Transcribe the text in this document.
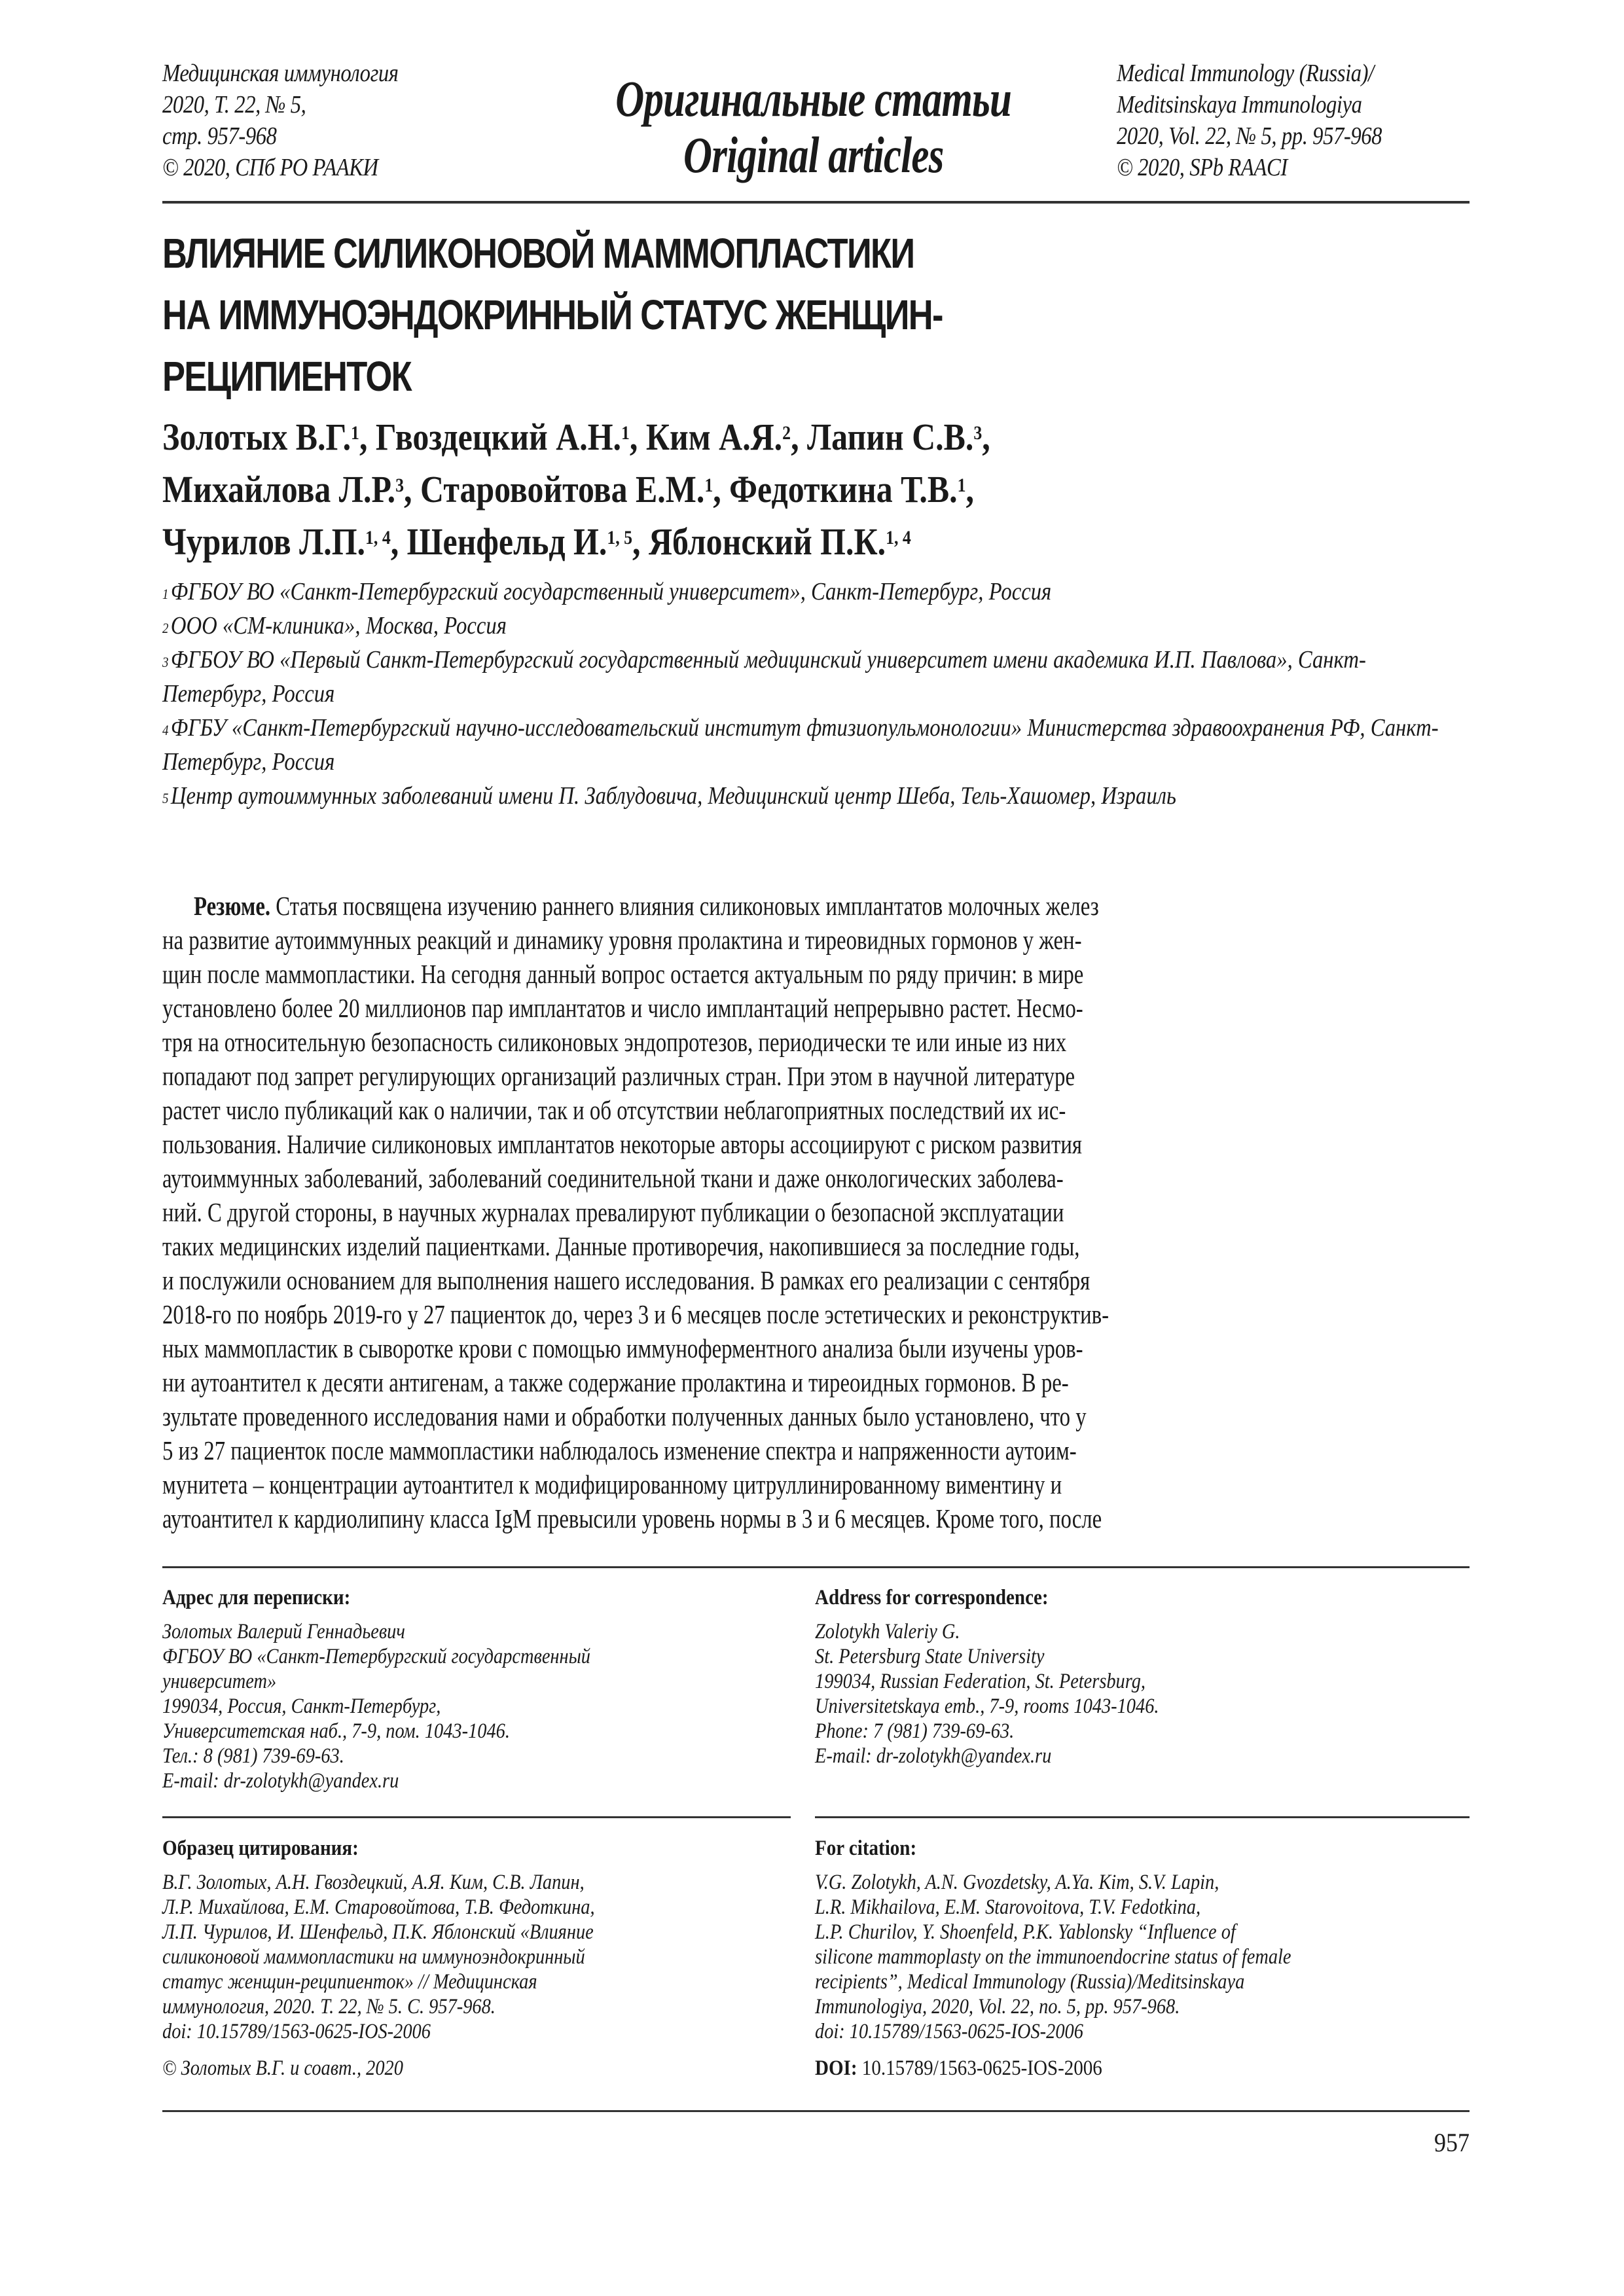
Медицинская иммунология
2020, Т. 22, № 5,
стр. 957-968
© 2020, СПб РО РААКИ
Оригинальные статьи
Original articles
Medical Immunology (Russia)/
Meditsinskaya Immunologiya
2020, Vol. 22, № 5, pp. 957-968
© 2020, SPb RAACI
ВЛИЯНИЕ СИЛИКОНОВОЙ МАММОПЛАСТИКИ
НА ИММУНОЭНДОКРИННЫЙ СТАТУС ЖЕНЩИН-
РЕЦИПИЕНТОК
Золотых В.Г.$^1$, Гвоздецкий А.Н.$^1$, Ким А.Я.$^2$, Лапин С.В.$^3$,
Михайлова Л.Р.$^3$, Старовойтова Е.М.$^1$, Федоткина Т.В.$^1$,
Чурилов Л.П.$^{1, 4}$, Шенфельд И.$^{1, 5}$, Яблонский П.К.$^{1, 4}$
$^1$ФГБОУ ВО «Санкт-Петербургский государственный университет», Санкт-Петербург, Россия
$^2$ООО «СМ-клиника», Москва, Россия
$^3$ФГБОУ ВО «Первый Санкт-Петербургский государственный медицинский университет имени академика И.П. Павлова», Санкт-Петербург, Россия
$^4$ФГБУ «Санкт-Петербургский научно-исследовательский институт фтизиопульмонологии» Министерства здравоохранения РФ, Санкт-Петербург, Россия
$^5$Центр аутоиммунных заболеваний имени П. Заблудовича, Медицинский центр Шеба, Тель-Хашомер, Израиль
Резюме. Статья посвящена изучению раннего влияния силиконовых имплантатов молочных желез
на развитие аутоиммунных реакций и динамику уровня пролактина и тиреовидных гормонов у жен-
щин после маммопластики. На сегодня данный вопрос остается актуальным по ряду причин: в мире
установлено более 20 миллионов пар имплантатов и число имплантаций непрерывно растет. Несмо-
тря на относительную безопасность силиконовых эндопротезов, периодически те или иные из них
попадают под запрет регулирующих организаций различных стран. При этом в научной литературе
растет число публикаций как о наличии, так и об отсутствии неблагоприятных последствий их ис-
пользования. Наличие силиконовых имплантатов некоторые авторы ассоциируют с риском развития
аутоиммунных заболеваний, заболеваний соединительной ткани и даже онкологических заболева-
ний. С другой стороны, в научных журналах превалируют публикации о безопасной эксплуатации
таких медицинских изделий пациентками. Данные противоречия, накопившиеся за последние годы,
и послужили основанием для выполнения нашего исследования. В рамках его реализации с сентября
2018-го по ноябрь 2019-го у 27 пациенток до, через 3 и 6 месяцев после эстетических и реконструктив-
ных маммопластик в сыворотке крови с помощью иммуноферментного анализа были изучены уров-
ни аутоантител к десяти антигенам, а также содержание пролактина и тиреоидных гормонов. В ре-
зультате проведенного исследования нами и обработки полученных данных было установлено, что у
5 из 27 пациенток после маммопластики наблюдалось изменение спектра и напряженности аутоим-
мунитета – концентрации аутоантител к модифицированному цитруллинированному виментину и
аутоантител к кардиолипину класса IgM превысили уровень нормы в 3 и 6 месяцев. Кроме того, после
Адрес для переписки:
Золотых Валерий Геннадьевич
ФГБОУ ВО «Санкт-Петербургский государственный
университет»
199034, Россия, Санкт-Петербург,
Университетская наб., 7-9, пом. 1043-1046.
Тел.: 8 (981) 739-69-63.
E-mail: dr-zolotykh@yandex.ru
Address for correspondence:
Zolotykh Valeriy G.
St. Petersburg State University
199034, Russian Federation, St. Petersburg,
Universitetskaya emb., 7-9, rooms 1043-1046.
Phone: 7 (981) 739-69-63.
E-mail: dr-zolotykh@yandex.ru
Образец цитирования:
В.Г. Золотых, А.Н. Гвоздецкий, А.Я. Ким, С.В. Лапин,
Л.Р. Михайлова, Е.М. Старовойтова, Т.В. Федоткина,
Л.П. Чурилов, И. Шенфельд, П.К. Яблонский «Влияние
силиконовой маммопластики на иммуноэндокринный
статус женщин-реципиенток» // Медицинская
иммунология, 2020. Т. 22, № 5. С. 957-968.
doi: 10.15789/1563-0625-IOS-2006
© Золотых В.Г. и соавт., 2020
For citation:
V.G. Zolotykh, A.N. Gvozdetsky, A.Ya. Kim, S.V. Lapin,
L.R. Mikhailova, E.M. Starovoitova, T.V. Fedotkina,
L.P. Churilov, Y. Shoenfeld, P.K. Yablonsky “Influence of
silicone mammoplasty on the immunoendocrine status of female
recipients”, Medical Immunology (Russia)/Meditsinskaya
Immunologiya, 2020, Vol. 22, no. 5, pp. 957-968.
doi: 10.15789/1563-0625-IOS-2006
DOI: 10.15789/1563-0625-IOS-2006
957
